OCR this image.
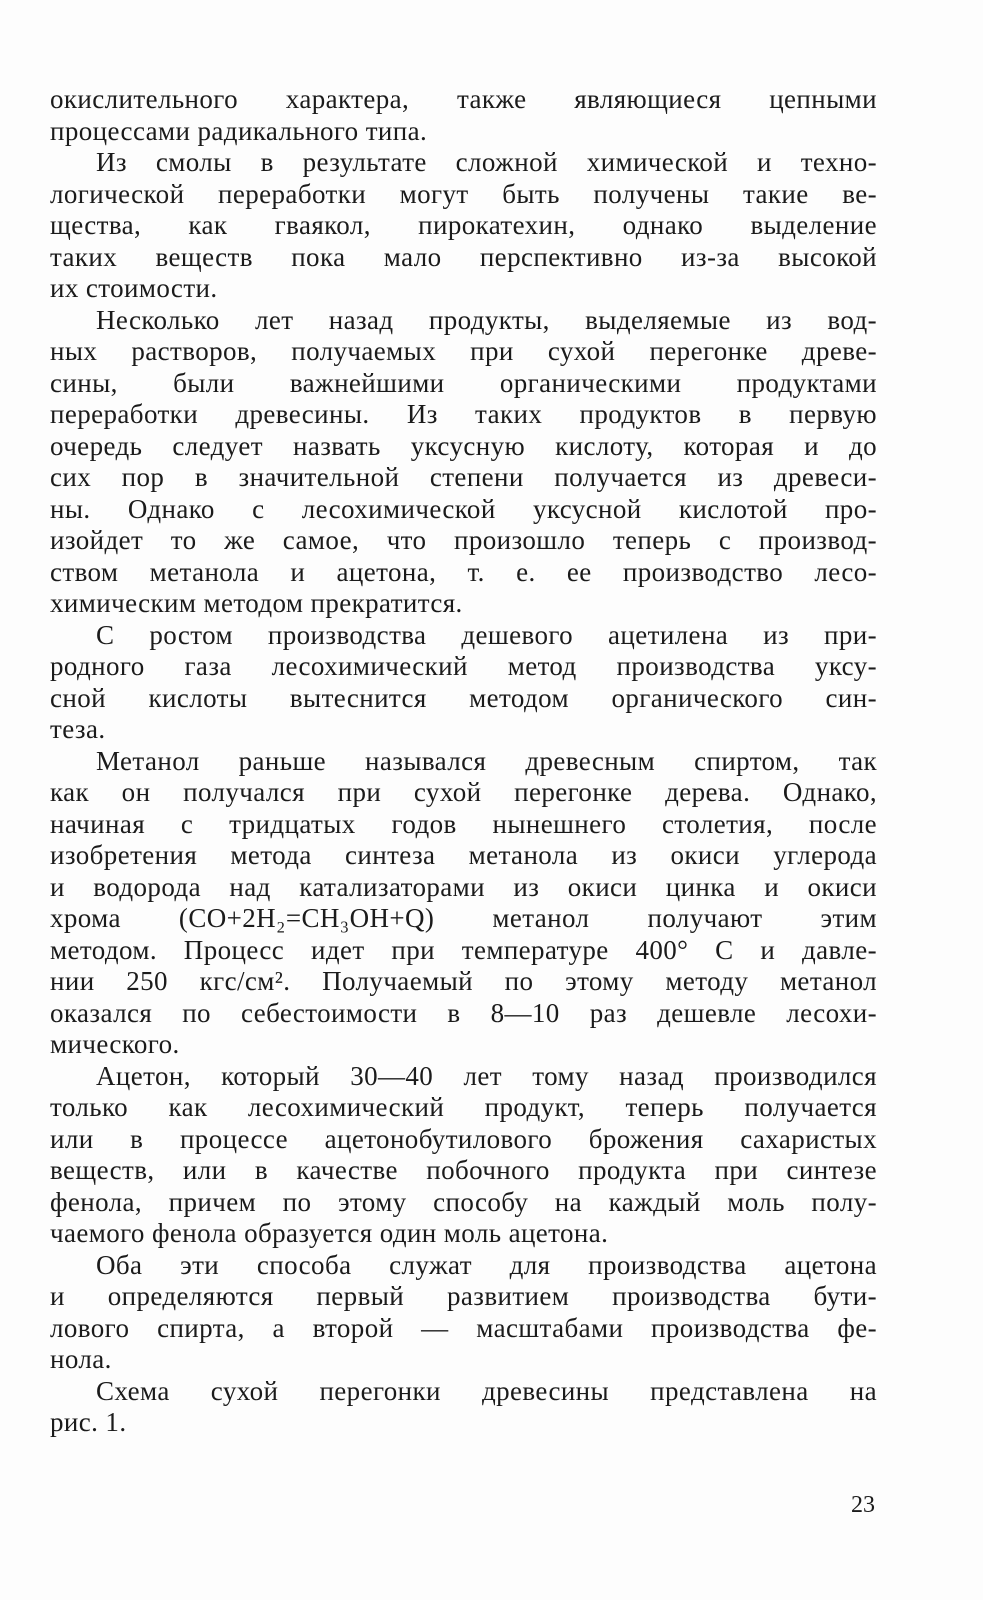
окислительного характера, также являющиеся цепными
процессами радикального типа.
Из смолы в результате сложной химической и техно-
логической переработки могут быть получены такие ве-
щества, как гваякол, пирокатехин, однако выделение
таких веществ пока мало перспективно из-за высокой
их стоимости.
Несколько лет назад продукты, выделяемые из вод-
ных растворов, получаемых при сухой перегонке древе-
сины, были важнейшими органическими продуктами
переработки древесины. Из таких продуктов в первую
очередь следует назвать уксусную кислоту, которая и до
сих пор в значительной степени получается из древеси-
ны. Однако с лесохимической уксусной кислотой про-
изойдет то же самое, что произошло теперь с производ-
ством метанола и ацетона, т. е. ее производство лесо-
химическим методом прекратится.
С ростом производства дешевого ацетилена из при-
родного газа лесохимический метод производства уксу-
сной кислоты вытеснится методом органического син-
теза.
Метанол раньше назывался древесным спиртом, так
как он получался при сухой перегонке дерева. Однако,
начиная с тридцатых годов нынешнего столетия, после
изобретения метода синтеза метанола из окиси углерода
и водорода над катализаторами из окиси цинка и окиси
хрома (CO+2H₂=CH₃OH+Q) метанол получают этим
методом. Процесс идет при температуре 400° C и давле-
нии 250 кгс/см². Получаемый по этому методу метанол
оказался по себестоимости в 8—10 раз дешевле лесохи-
мического.
Ацетон, который 30—40 лет тому назад производился
только как лесохимический продукт, теперь получается
или в процессе ацетонобутилового брожения сахаристых
веществ, или в качестве побочного продукта при синтезе
фенола, причем по этому способу на каждый моль полу-
чаемого фенола образуется один моль ацетона.
Оба эти способа служат для производства ацетона
и определяются первый развитием производства бути-
лового спирта, а второй — масштабами производства фе-
нола.
Схема сухой перегонки древесины представлена на
рис. 1.
23
